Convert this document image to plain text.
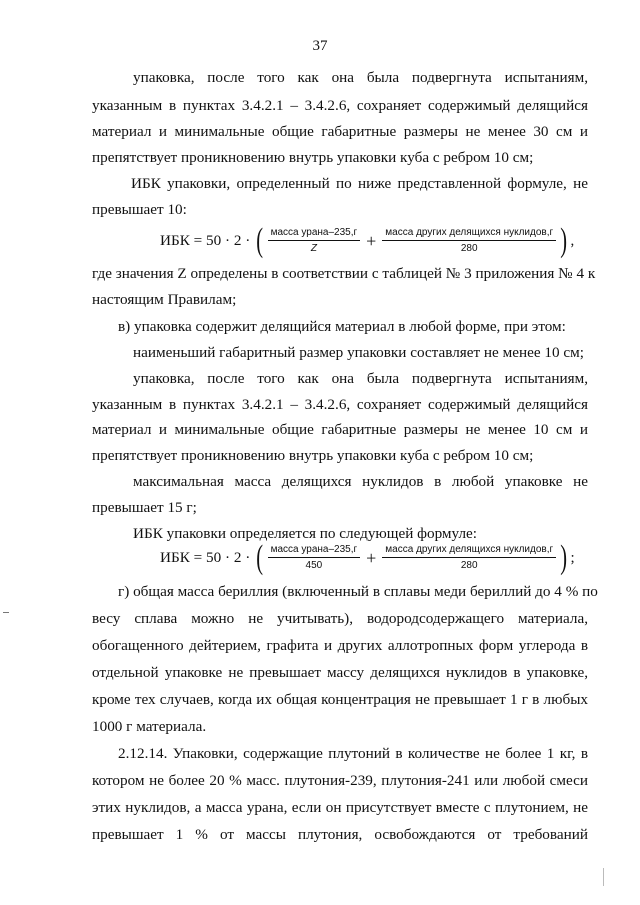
37
упаковка, после того как она была подвергнута испытаниям,
указанным в пунктах 3.4.2.1 – 3.4.2.6, сохраняет содержимый делящийся
материал и минимальные общие габаритные размеры не менее 30 см и
препятствует проникновению внутрь упаковки куба с ребром 10 см;
ИБК упаковки, определенный по ниже представленной формуле, не
превышает 10:
где значения Z определены в соответствии с таблицей № 3 приложения № 4 к
настоящим Правилам;
в) упаковка содержит делящийся материал в любой форме, при этом:
наименьший габаритный размер упаковки составляет не менее 10 см;
упаковка, после того как она была подвергнута испытаниям,
указанным в пунктах 3.4.2.1 – 3.4.2.6, сохраняет содержимый делящийся
материал и минимальные общие габаритные размеры не менее 10 см и
препятствует проникновению внутрь упаковки куба с ребром 10 см;
максимальная масса делящихся нуклидов в любой упаковке не
превышает 15 г;
ИБК упаковки определяется по следующей формуле:
г) общая масса бериллия (включенный в сплавы меди бериллий до 4 % по
весу сплава можно не учитывать), водородсодержащего материала,
обогащенного дейтерием, графита и других аллотропных форм углерода в
отдельной упаковке не превышает массу делящихся нуклидов в упаковке,
кроме тех случаев, когда их общая концентрация не превышает 1 г в любых
1000 г материала.
2.12.14. Упаковки, содержащие плутоний в количестве не более 1 кг, в
котором не более 20 % масс. плутония-239, плутония-241 или любой смеси
этих нуклидов, а масса урана, если он присутствует вместе с плутонием, не
превышает 1 % от массы плутония, освобождаются от требований
ИБК = 50 · 2 · ( $\frac{\text{масса урана–235,г}}{Z} + \frac{\text{масса других делящихся нуклидов,г}}{280}$ ) ,
ИБК = 50 · 2 · ( $\frac{\text{масса урана–235,г}}{450} + \frac{\text{масса других делящихся нуклидов,г}}{280}$ ) ;
